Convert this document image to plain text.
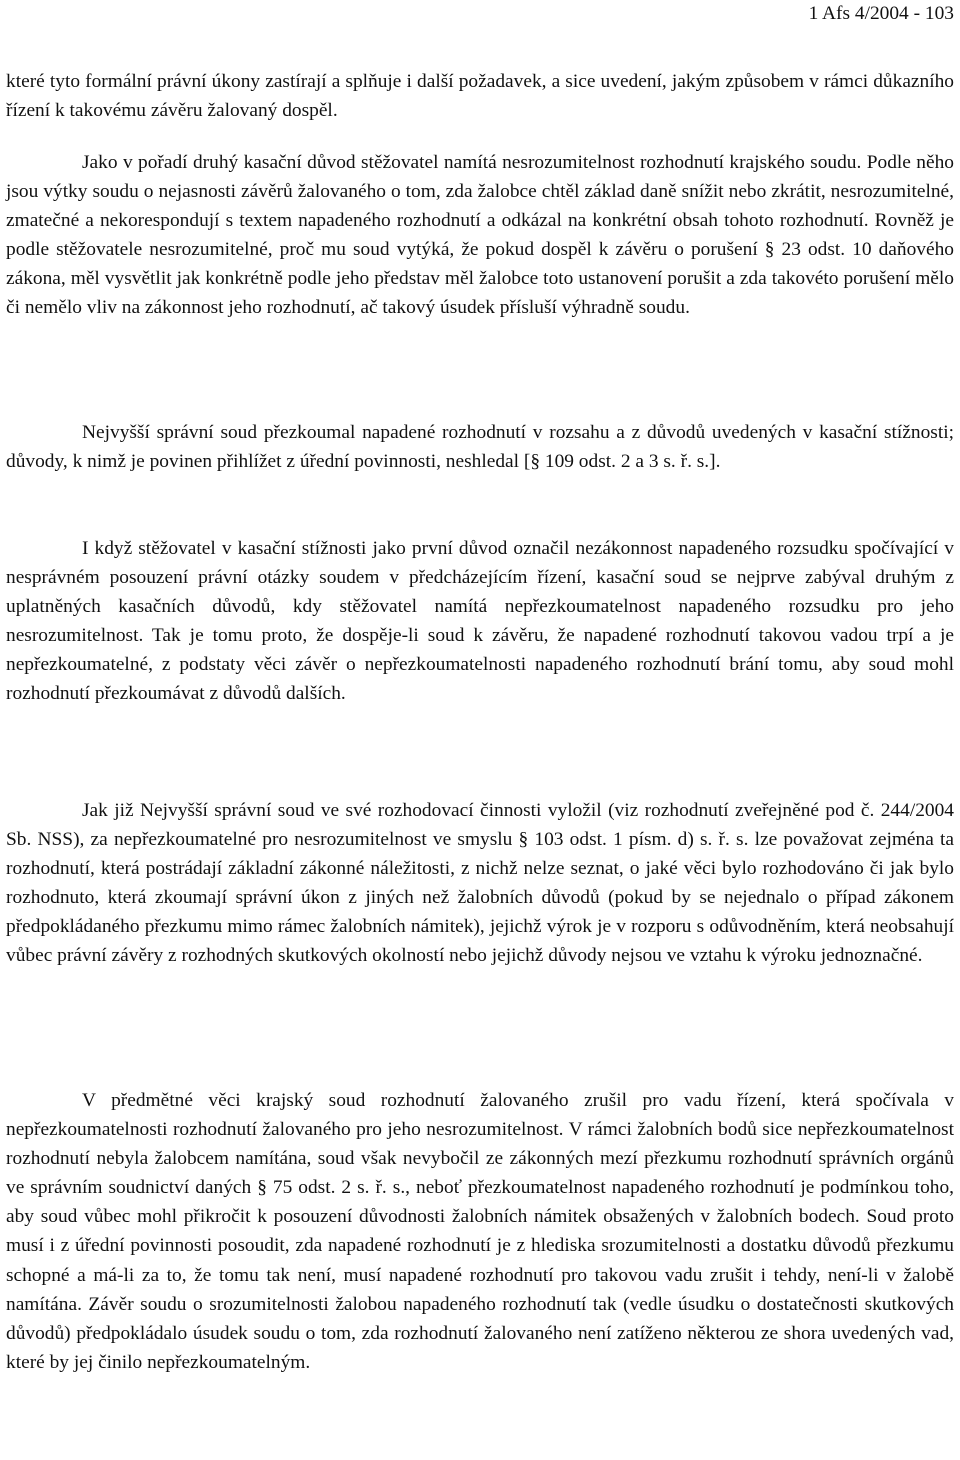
1 Afs 4/2004 - 103

které tyto formální právní úkony zastírají a splňuje i další požadavek, a sice uvedení, jakým způsobem v rámci důkazního řízení k takovému závěru žalovaný dospěl.

Jako v pořadí druhý kasační důvod stěžovatel namítá nesrozumitelnost rozhodnutí krajského soudu. Podle něho jsou výtky soudu o nejasnosti závěrů žalovaného o tom, zda žalobce chtěl základ daně snížit nebo zkrátit, nesrozumitelné, zmatečné a nekorespondují s textem napadeného rozhodnutí a odkázal na konkrétní obsah tohoto rozhodnutí. Rovněž je podle stěžovatele nesrozumitelné, proč mu soud vytýká, že pokud dospěl k závěru o porušení § 23 odst. 10 daňového zákona, měl vysvětlit jak konkrétně podle jeho představ měl žalobce toto ustanovení porušit a zda takovéto porušení mělo či nemělo vliv na zákonnost jeho rozhodnutí, ač takový úsudek přísluší výhradně soudu.

Nejvyšší správní soud přezkoumal napadené rozhodnutí v rozsahu a z důvodů uvedených v kasační stížnosti; důvody, k nimž je povinen přihlížet z úřední povinnosti, neshledal [§ 109 odst. 2 a 3 s. ř. s.].

I když stěžovatel v kasační stížnosti jako první důvod označil nezákonnost napadeného rozsudku spočívající v nesprávném posouzení právní otázky soudem v předcházejícím řízení, kasační soud se nejprve zabýval druhým z uplatněných kasačních důvodů, kdy stěžovatel namítá nepřezkoumatelnost napadeného rozsudku pro jeho nesrozumitelnost. Tak je tomu proto, že dospěje-li soud k závěru, že napadené rozhodnutí takovou vadou trpí a je nepřezkoumatelné, z podstaty věci závěr o nepřezkoumatelnosti napadeného rozhodnutí brání tomu, aby soud mohl rozhodnutí přezkoumávat z důvodů dalších.

Jak již Nejvyšší správní soud ve své rozhodovací činnosti vyložil (viz rozhodnutí zveřejněné pod č. 244/2004 Sb. NSS), za nepřezkoumatelné pro nesrozumitelnost ve smyslu § 103 odst. 1 písm. d) s. ř. s. lze považovat zejména ta rozhodnutí, která postrádají základní zákonné náležitosti, z nichž nelze seznat, o jaké věci bylo rozhodováno či jak bylo rozhodnuto, která zkoumají správní úkon z jiných než žalobních důvodů (pokud by se nejednalo o případ zákonem předpokládaného přezkumu mimo rámec žalobních námitek), jejichž výrok je v rozporu s odůvodněním, která neobsahují vůbec právní závěry z rozhodných skutkových okolností nebo jejichž důvody nejsou ve vztahu k výroku jednoznačné.

V předmětné věci krajský soud rozhodnutí žalovaného zrušil pro vadu řízení, která spočívala v nepřezkoumatelnosti rozhodnutí žalovaného pro jeho nesrozumitelnost. V rámci žalobních bodů sice nepřezkoumatelnost rozhodnutí nebyla žalobcem namítána, soud však nevybočil ze zákonných mezí přezkumu rozhodnutí správních orgánů ve správním soudnictví daných § 75 odst. 2 s. ř. s., neboť přezkoumatelnost napadeného rozhodnutí je podmínkou toho, aby soud vůbec mohl přikročit k posouzení důvodnosti žalobních námitek obsažených v žalobních bodech. Soud proto musí i z úřední povinnosti posoudit, zda napadené rozhodnutí je z hlediska srozumitelnosti a dostatku důvodů přezkumu schopné a má-li za to, že tomu tak není, musí napadené rozhodnutí pro takovou vadu zrušit i tehdy, není-li v žalobě namítána. Závěr soudu o srozumitelnosti žalobou napadeného rozhodnutí tak (vedle úsudku o dostatečnosti skutkových důvodů) předpokládalo úsudek soudu o tom, zda rozhodnutí žalovaného není zatíženo některou ze shora uvedených vad, které by jej činilo nepřezkoumatelným.
